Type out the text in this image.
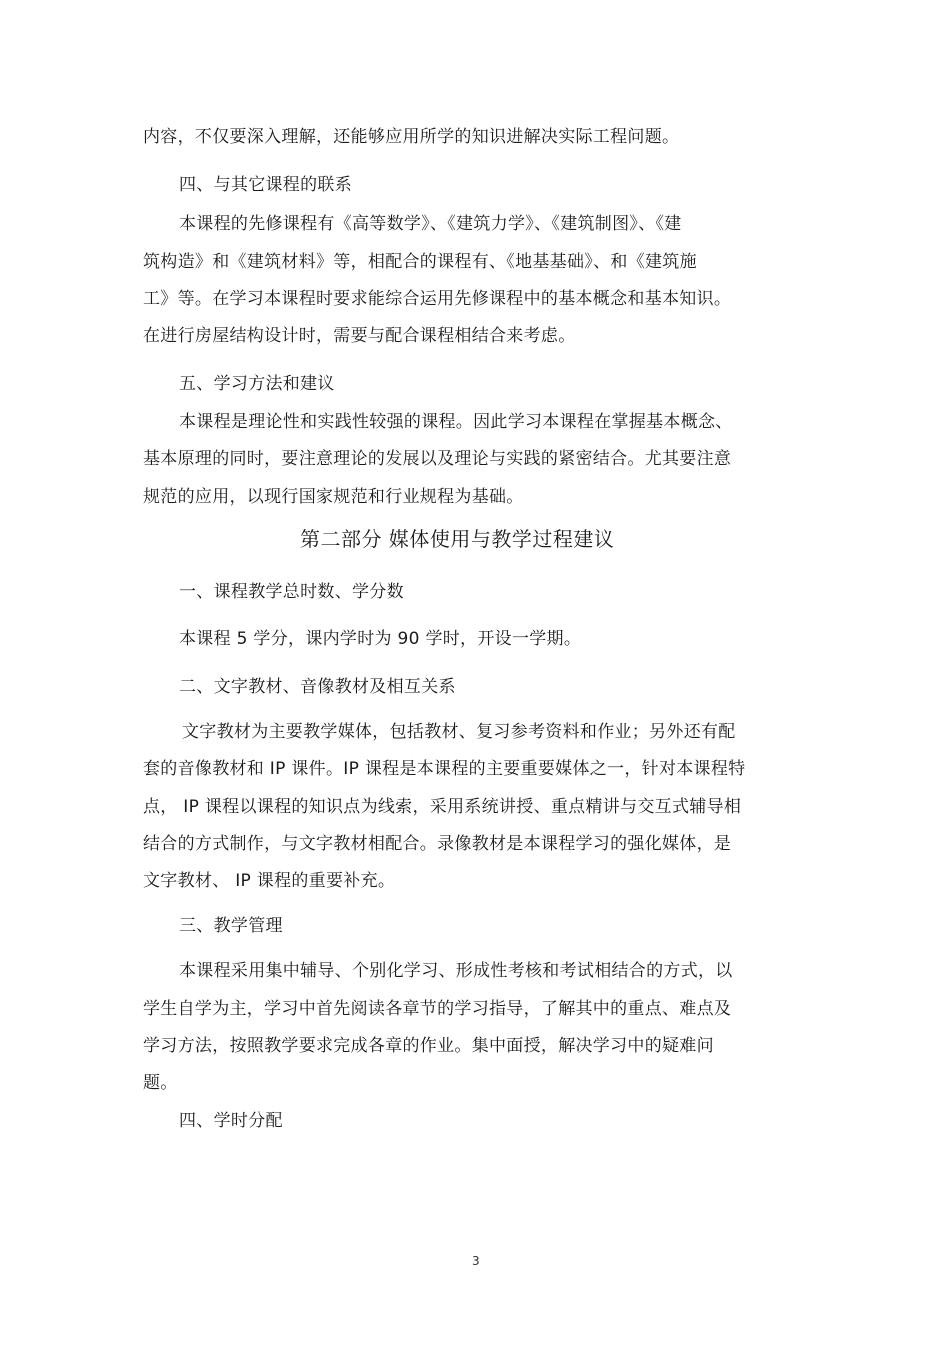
内容，不仅要深入理解，还能够应用所学的知识进解决实际工程问题。
四、与其它课程的联系
本课程的先修课程有《高等数学》、《建筑力学》、《建筑制图》、《建
筑构造》和《建筑材料》等，相配合的课程有、《地基基础》、和《建筑施
工》等。在学习本课程时要求能综合运用先修课程中的基本概念和基本知识。
在进行房屋结构设计时，需要与配合课程相结合来考虑。
五、学习方法和建议
本课程是理论性和实践性较强的课程。因此学习本课程在掌握基本概念、
基本原理的同时，要注意理论的发展以及理论与实践的紧密结合。尤其要注意
规范的应用，以现行国家规范和行业规程为基础。
第二部分 媒体使用与教学过程建议
一、课程教学总时数、学分数
本课程 5 学分，课内学时为 90 学时，开设一学期。
二、文字教材、音像教材及相互关系
文字教材为主要教学媒体，包括教材、复习参考资料和作业；另外还有配
套的音像教材和 IP 课件。IP 课程是本课程的主要重要媒体之一，针对本课程特
点， IP 课程以课程的知识点为线索，采用系统讲授、重点精讲与交互式辅导相
结合的方式制作，与文字教材相配合。录像教材是本课程学习的强化媒体，是
文字教材、 IP 课程的重要补充。
三、教学管理
本课程采用集中辅导、个别化学习、形成性考核和考试相结合的方式，以
学生自学为主，学习中首先阅读各章节的学习指导，了解其中的重点、难点及
学习方法，按照教学要求完成各章的作业。集中面授，解决学习中的疑难问
题。
四、学时分配
3
